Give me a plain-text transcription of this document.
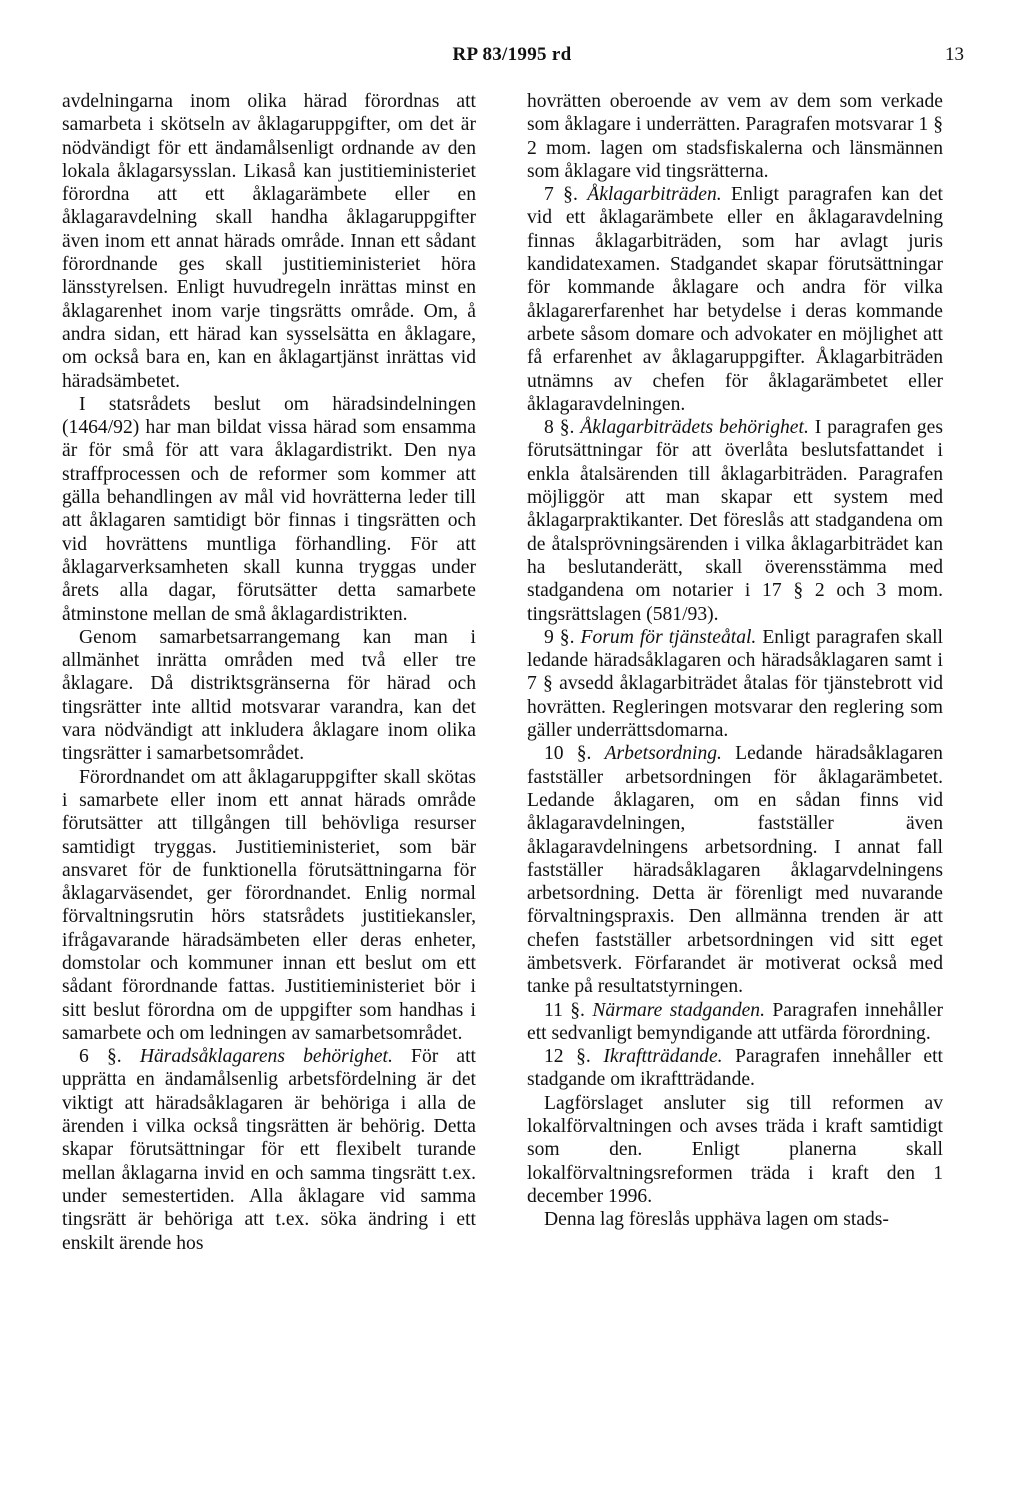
RP 83/1995 rd	13

avdelningarna inom olika härad förordnas att samarbeta i skötseln av åklagaruppgifter, om det är nödvändigt för ett ändamålsenligt ordnande av den lokala åklagarsysslan. Likaså kan justitieministeriet förordna att ett åklagarämbete eller en åklagaravdelning skall handha åklagaruppgifter även inom ett annat härads område. Innan ett sådant förordnande ges skall justitieministeriet höra länsstyrelsen. Enligt huvudregeln inrättas minst en åklagarenhet inom varje tingsrätts område. Om, å andra sidan, ett härad kan sysselsätta en åklagare, om också bara en, kan en åklagartjänst inrättas vid häradsämbetet.

I statsrådets beslut om häradsindelningen (1464/92) har man bildat vissa härad som ensamma är för små för att vara åklagardistrikt. Den nya straffprocessen och de reformer som kommer att gälla behandlingen av mål vid hovrätterna leder till att åklagaren samtidigt bör finnas i tingsrätten och vid hovrättens muntliga förhandling. För att åklagarverksamheten skall kunna tryggas under årets alla dagar, förutsätter detta samarbete åtminstone mellan de små åklagardistrikten.

Genom samarbetsarrangemang kan man i allmänhet inrätta områden med två eller tre åklagare. Då distriktsgränserna för härad och tingsrätter inte alltid motsvarar varandra, kan det vara nödvändigt att inkludera åklagare inom olika tingsrätter i samarbetsområdet.

Förordnandet om att åklagaruppgifter skall skötas i samarbete eller inom ett annat härads område förutsätter att tillgången till behövliga resurser samtidigt tryggas. Justitieministeriet, som bär ansvaret för de funktionella förutsättningarna för åklagarväsendet, ger förordnandet. Enlig normal förvaltningsrutin hörs statsrådets justitiekansler, ifrågavarande häradsämbeten eller deras enheter, domstolar och kommuner innan ett beslut om ett sådant förordnande fattas. Justitieministeriet bör i sitt beslut förordna om de uppgifter som handhas i samarbete och om ledningen av samarbetsområdet.

6 §. Häradsåklagarens behörighet. För att upprätta en ändamålsenlig arbetsfördelning är det viktigt att häradsåklagaren är behöriga i alla de ärenden i vilka också tingsrätten är behörig. Detta skapar förutsättningar för ett flexibelt turande mellan åklagarna invid en och samma tingsrätt t.ex. under semestertiden. Alla åklagare vid samma tingsrätt är behöriga att t.ex. söka ändring i ett enskilt ärende hos

hovrätten oberoende av vem av dem som verkade som åklagare i underrätten. Paragrafen motsvarar 1 § 2 mom. lagen om stadsfiskalerna och länsmännen som åklagare vid tingsrätterna.

7 §. Åklagarbiträden. Enligt paragrafen kan det vid ett åklagarämbete eller en åklagaravdelning finnas åklagarbiträden, som har avlagt juris kandidatexamen. Stadgandet skapar förutsättningar för kommande åklagare och andra för vilka åklagarerfarenhet har betydelse i deras kommande arbete såsom domare och advokater en möjlighet att få erfarenhet av åklagaruppgifter. Åklagarbiträden utnämns av chefen för åklagarämbetet eller åklagaravdelningen.

8 §. Åklagarbiträdets behörighet. I paragrafen ges förutsättningar för att överlåta beslutsfattandet i enkla åtalsärenden till åklagarbiträden. Paragrafen möjliggör att man skapar ett system med åklagarpraktikanter. Det föreslås att stadgandena om de åtalsprövningsärenden i vilka åklagarbiträdet kan ha beslutanderätt, skall överensstämma med stadgandena om notarier i 17 § 2 och 3 mom. tingsrättslagen (581/93).

9 §. Forum för tjänsteåtal. Enligt paragrafen skall ledande häradsåklagaren och häradsåklagaren samt i 7 § avsedd åklagarbiträdet åtalas för tjänstebrott vid hovrätten. Regleringen motsvarar den reglering som gäller underrättsdomarna.

10 §. Arbetsordning. Ledande häradsåklagaren fastställer arbetsordningen för åklagarämbetet. Ledande åklagaren, om en sådan finns vid åklagaravdelningen, fastställer även åklagaravdelningens arbetsordning. I annat fall fastställer häradsåklagaren åklagarvdelningens arbetsordning. Detta är förenligt med nuvarande förvaltningspraxis. Den allmänna trenden är att chefen fastställer arbetsordningen vid sitt eget ämbetsverk. Förfarandet är motiverat också med tanke på resultatstyrningen.

11 §. Närmare stadganden. Paragrafen innehåller ett sedvanligt bemyndigande att utfärda förordning.

12 §. Ikraftträdande. Paragrafen innehåller ett stadgande om ikraftträdande.

Lagförslaget ansluter sig till reformen av lokalförvaltningen och avses träda i kraft samtidigt som den. Enligt planerna skall lokalförvaltningsreformen träda i kraft den 1 december 1996.

Denna lag föreslås upphäva lagen om stads-
